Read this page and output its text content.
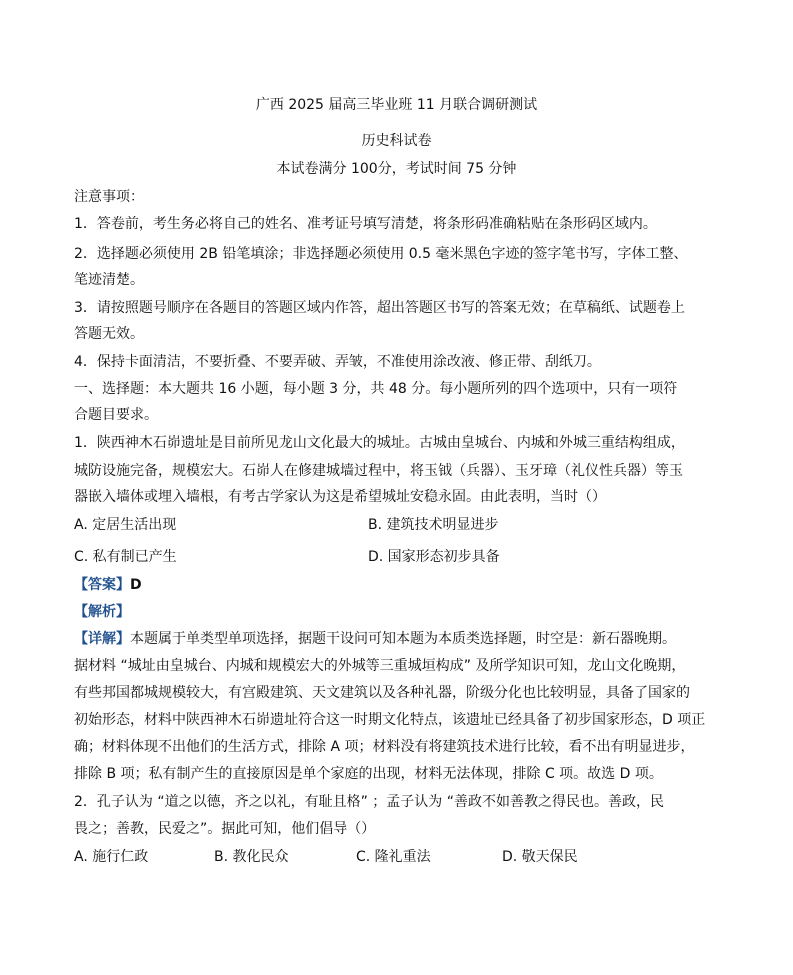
广西 2025 届高三毕业班 11 月联合调研测试
历史科试卷
本试卷满分 100分，考试时间 75 分钟
注意事项：
1．答卷前，考生务必将自己的姓名、准考证号填写清楚，将条形码准确粘贴在条形码区域内。
2．选择题必须使用 2B 铅笔填涂；非选择题必须使用 0.5 毫米黑色字迹的签字笔书写，字体工整、
笔迹清楚。
3．请按照题号顺序在各题目的答题区域内作答，超出答题区书写的答案无效；在草稿纸、试题卷上
答题无效。
4．保持卡面清洁，不要折叠、不要弄破、弄皱，不准使用涂改液、修正带、刮纸刀。
一、选择题：本大题共 16 小题，每小题 3 分，共 48 分。每小题所列的四个选项中，只有一项符
合题目要求。
1．陕西神木石峁遗址是目前所见龙山文化最大的城址。古城由皇城台、内城和外城三重结构组成，
城防设施完备，规模宏大。石峁人在修建城墙过程中，将玉钺（兵器）、玉牙璋（礼仪性兵器）等玉
器嵌入墙体或埋入墙根，有考古学家认为这是希望城址安稳永固。由此表明，当时（）
A. 定居生活出现	B. 建筑技术明显进步
C. 私有制已产生	D. 国家形态初步具备
【答案】D
【解析】
【详解】本题属于单类型单项选择，据题干设问可知本题为本质类选择题，时空是：新石器晚期。
据材料 “城址由皇城台、内城和规模宏大的外城等三重城垣构成” 及所学知识可知，龙山文化晚期，
有些邦国都城规模较大，有宫殿建筑、天文建筑以及各种礼器，阶级分化也比较明显，具备了国家的
初始形态，材料中陕西神木石峁遗址符合这一时期文化特点，该遗址已经具备了初步国家形态，D 项正
确；材料体现不出他们的生活方式，排除 A 项；材料没有将建筑技术进行比较，看不出有明显进步，
排除 B 项；私有制产生的直接原因是单个家庭的出现，材料无法体现，排除 C 项。故选 D 项。
2．孔子认为 “道之以德，齐之以礼，有耻且格” ；孟子认为 “善政不如善教之得民也。善政，民
畏之；善教，民爱之”。据此可知，他们倡导（）
A. 施行仁政	B. 教化民众	C. 隆礼重法	D. 敬天保民
